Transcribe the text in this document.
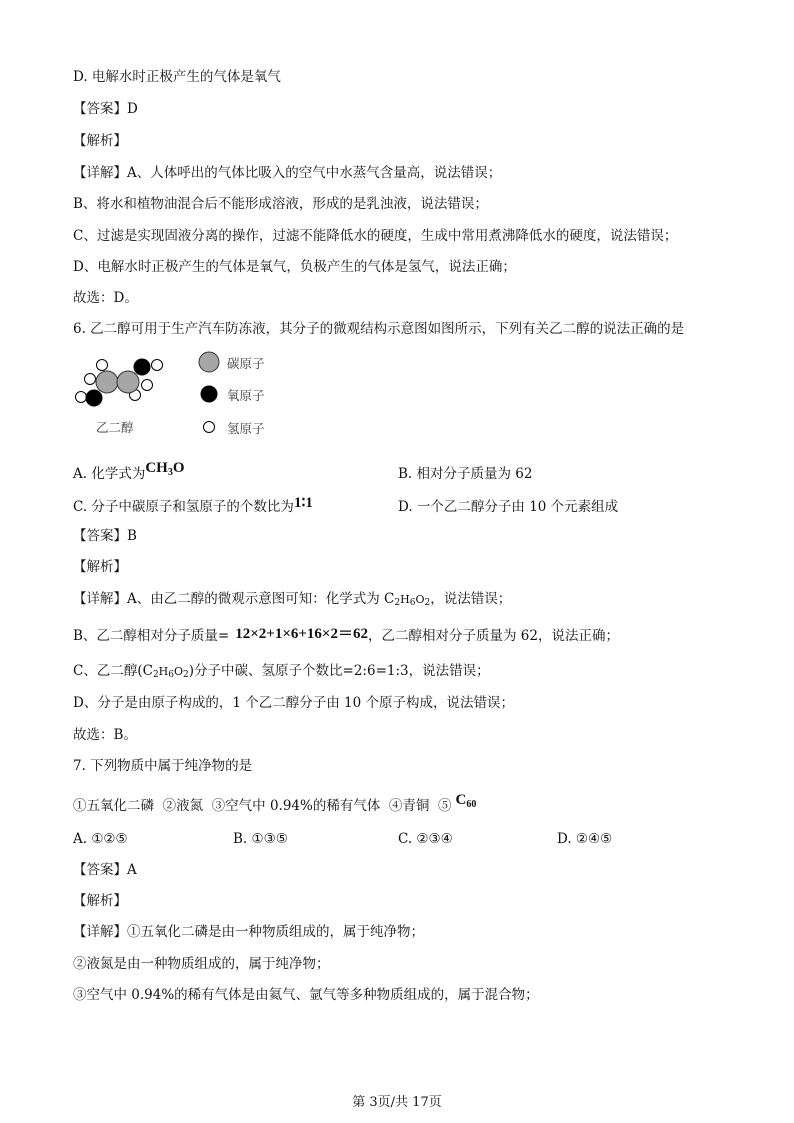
D. 电解水时正极产生的气体是氧气
【答案】D
【解析】
【详解】A、人体呼出的气体比吸入的空气中水蒸气含量高，说法错误；
B、将水和植物油混合后不能形成溶液，形成的是乳浊液，说法错误；
C、过滤是实现固液分离的操作，过滤不能降低水的硬度，生成中常用煮沸降低水的硬度，说法错误；
D、电解水时正极产生的气体是氧气，负极产生的气体是氢气，说法正确；
故选：D。
6. 乙二醇可用于生产汽车防冻液，其分子的微观结构示意图如图所示，下列有关乙二醇的说法正确的是
乙二醇
碳原子
氧原子
氢原子
A. 化学式为$CH_3O$	B. 相对分子质量为 62
C. 分子中碳原子和氢原子的个数比为1∶1	D. 一个乙二醇分子由 10 个元素组成
【答案】B
【解析】
【详解】A、由乙二醇的微观示意图可知：化学式为 $C_2H_6O_2$，说法错误；
B、乙二醇相对分子质量= 12×2+1×6+16×2＝62，乙二醇相对分子质量为 62，说法正确；
C、乙二醇$(C_2H_6O_2)$分子中碳、氢原子个数比=2:6=1:3，说法错误；
D、分子是由原子构成的，1 个乙二醇分子由 10 个原子构成，说法错误；
故选：B。
7. 下列物质中属于纯净物的是
①五氧化二磷  ②液氮  ③空气中 0.94%的稀有气体  ④青铜  ⑤ $C_{60}$
A. ①②⑤	B. ①③⑤	C. ②③④	D. ②④⑤
【答案】A
【解析】
【详解】①五氧化二磷是由一种物质组成的，属于纯净物；
②液氮是由一种物质组成的，属于纯净物；
③空气中 0.94%的稀有气体是由氦气、氩气等多种物质组成的，属于混合物；
第 3页/共 17页
